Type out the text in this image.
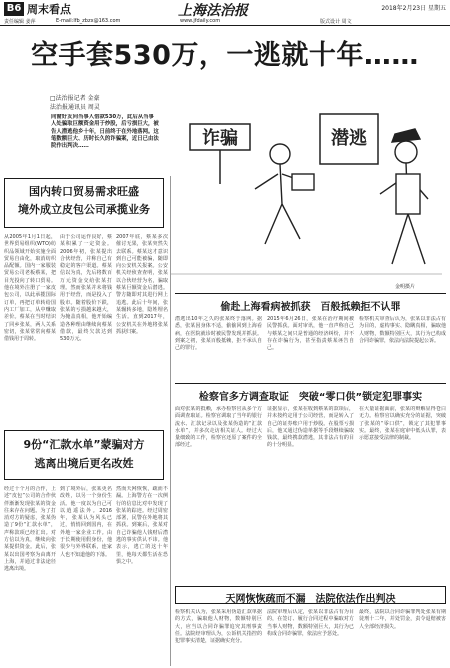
B6 周末看点	上海法治报	2018年2月23日 星期五
责任编辑 姜萍	E-mail:lfb_zbzx@163.com	www.jfdaily.com	版式设计 周文
空手套530万，一逃就十年……
□法治报记者 金豪
法治报通讯员 周灵
同窗好友向当事人借款530万，此后从当事人处骗取巨额资金用于炒股，后亏损巨大，被告人潜逃他乡十年，日前终于在外地落网。这笔数额巨大、历时长久的诈骗案，近日已由法院作出判决……	诈骗	潜逃
金明摄片
国内转口贸易需求旺盛
境外成立皮包公司承揽业务
从2005年1月1日起，世界贸易组织(WTO)纺织品领域开始实施全面贸易自由化，取消纺织品配额。国内一家服装贸易公司老板蔡某，把目光投向了转口贸易。他在境外注册了一家皮包公司，以此承揽国际订单，再把订单转给国内工厂加工，从中赚取差价。蔡某在当时结识了同乡张某，两人关系密切，张某常常向蔡某借钱用于周转。
由于公司运作良好，蔡某积累了一定资金。2006年初，张某提出合伙经营，并称自己有稳定的客户渠道。蔡某信以为真，先后将数百万元资金交给张某打理。然而张某并未将钱用于经营，而是投入了股市。随着股价下跌，张某的亏损越来越大，为掩盖真相，他开始编造各种理由继续向蔡某借款，最终欠款达到530万元。
2007年底，蔡某多次催讨无果，张某突然失去联系。蔡某这才意识到自己可能被骗，随即向公安机关报案。公安机关经侦查查明，张某以合伙经营为名，骗取蔡某巨额资金后潜逃。警方随即对其进行网上追逃。此后十年间，张某辗转多地，隐姓埋名生活。直到2017年，公安机关在外地将张某抓获归案。
9份“汇款水单”蒙骗对方
逃离出境后更名改姓
经过十个月的合作，上述“皮包”公司的合作伙伴渐渐发现张某的资金往来存在问题。为了打消对方的疑虑，张某伪造了9份“汇款水单”，声称款项已经汇出。对方信以为真，继续向张某提供资金。此后，张某以出国考察为由离开上海，并通过非法途径逃离出境。
到了境外后，张某更名改姓，以另一个身份生活。他一度以为自己可以逍遥法外。2016年，张某认为风头已过，悄悄回到国内，在外地一家企业工作。由于长期使用假身份，他很少与外界联系，连家人也不知道他的下落。
然而天网恢恢，疏而不漏。上海警方在一次例行的信息比对中发现了张某的踪迹。经过周密部署，民警在外地将其抓获。到案后，张某对自己诈骗他人钱财后潜逃的事实供认不讳。他表示，逃亡的这十年里，他每天都生活在恐惧之中。
偷赴上海看病被抓获　百般抵赖拒不认罪
潜逃出10年之久的张某终于落网。据悉，张某因身体不适，偷偷回到上海看病，在医院就诊时被民警发现并抓获。到案之初，张某百般抵赖，拒不承认自己的罪行。
2015年6月26日，张某在治疗期间被民警抓获。面对审讯，他一直声称自己与蔡某之间只是普通的经济纠纷，并不存在诈骗行为，甚至指责蔡某诬告自己。
检察机关审查后认为，张某以非法占有为目的，虚构事实、隐瞒真相，骗取他人财物，数额特别巨大，其行为已构成合同诈骗罪，依法向法院提起公诉。
检察官多方调查取证　突破“零口供”锁定犯罪事实
面对张某的抵赖，承办检察官从多个方面调查取证。检察官调取了当年的银行流水、汇款记录以及张某伪造的“汇款水单”，并多次走访相关证人。经过大量细致的工作，检察官还原了案件的全部经过。
证据显示，张某在收到蔡某的款项后，并未按约定用于公司经营，而是转入了自己的证券账户用于炒股。在股票亏损后，他又通过伪造单据等手段继续骗取钱款，最终携款潜逃，其非法占有的目的十分明显。
在大量证据面前，张某的辩解显得苍白无力。检察官以确实充分的证据，突破了张某的“零口供”，锁定了其犯罪事实。最终，张某在庭审中低头认罪，表示愿意接受法律的制裁。
天网恢恢疏而不漏　法院依法作出判决
检察机关认为，张某采用伪造汇款单据的方式，骗取他人财物，数额特别巨大，应当以合同诈骗罪追究其刑事责任。法院经审理认为，公诉机关指控的犯罪事实清楚，证据确实充分。
法院审理后认定，张某以非法占有为目的，在签订、履行合同过程中骗取对方当事人财物，数额特别巨大，其行为已构成合同诈骗罪，依法应予惩处。
最终，法院以合同诈骗罪判处张某有期徒刑十二年，并处罚金，责令退赔被害人全部经济损失。
